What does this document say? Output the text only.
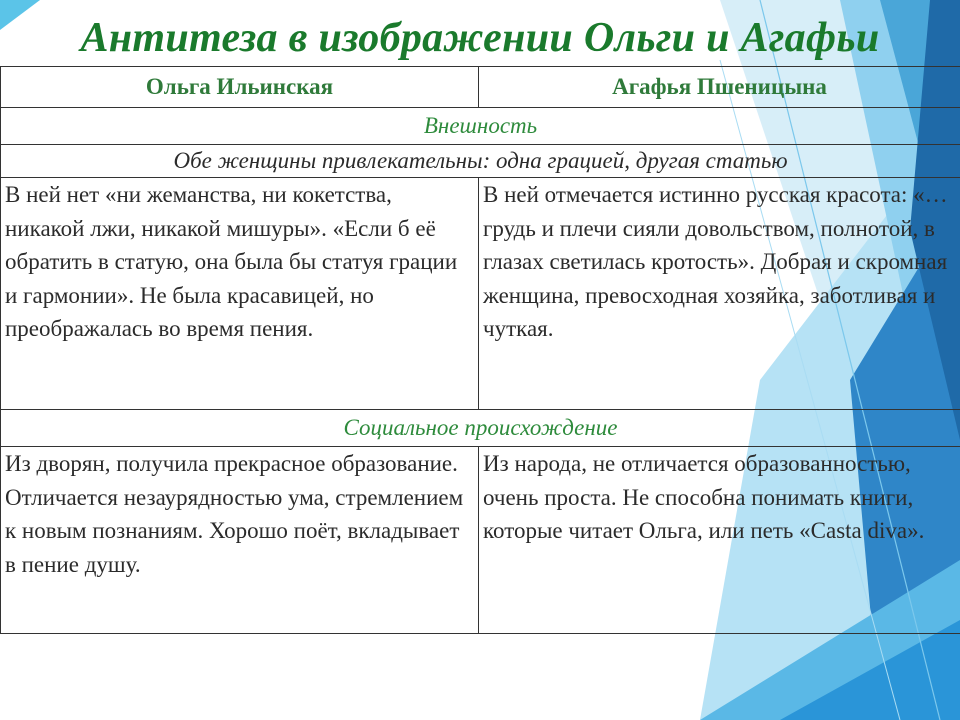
Антитеза в изображении Ольги и Агафьи
Ольга Ильинская	Агафья Пшеницына
Внешность	
Обе женщины привлекательны: одна грацией, другая статью	
В ней нет «ни жеманства, ни кокетства, никакой лжи, никакой мишуры». «Если б её обратить в статую, она была бы статуя грации и гармонии». Не была красавицей, но преображалась во время пения.	В ней отмечается истинно русская красота: «…грудь и плечи сияли довольством, полнотой, в глазах светилась кротость». Добрая и скромная женщина, превосходная хозяйка, заботливая и чуткая.
Социальное происхождение	
Из дворян, получила прекрасное образование. Отличается незаурядностью ума, стремлением к новым познаниям. Хорошо поёт, вкладывает в пение душу.	Из народа, не отличается образованностью, очень проста. Не способна понимать книги, которые читает Ольга, или петь «Casta diva».
